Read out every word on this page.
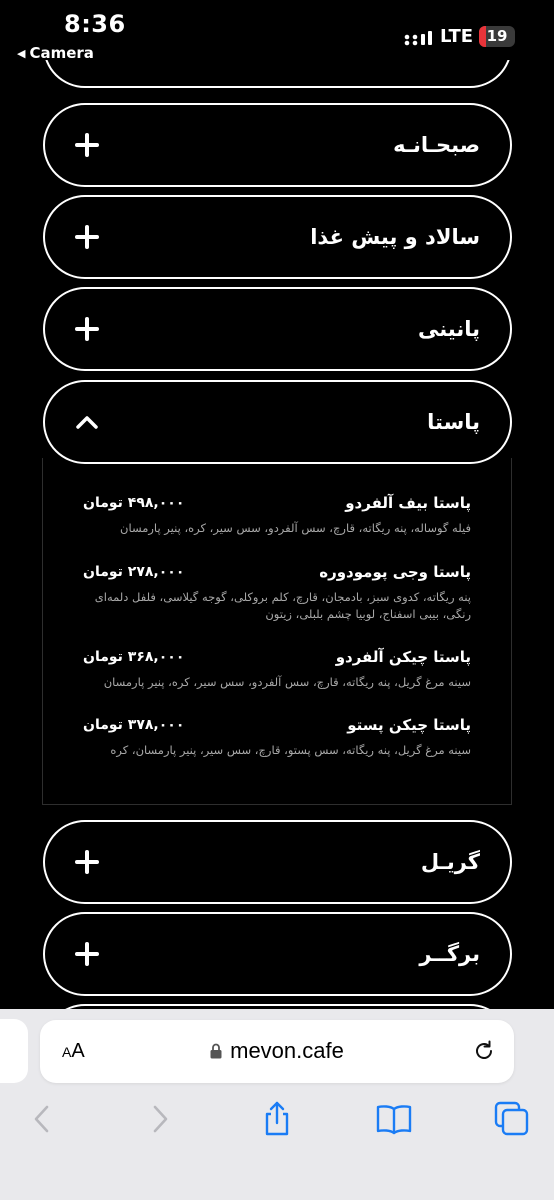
8:36
◀ Camera
LTE 19
صبحـانـه
سالاد و پیش غذا
پانینی
پاستا
پاستا بیف آلفردو
۴۹۸,۰۰۰ تومان
فیله گوساله، پنه ریگاته، قارچ، سس آلفردو، سس سیر، کره، پنیر پارمسان
پاستا وجی پومودوره
۲۷۸,۰۰۰ تومان
پنه ریگاته، کدوی سبز، بادمجان، قارچ، کلم بروکلی، گوجه گیلاسی، فلفل دلمه‌ای رنگی، بیبی اسفناج، لوبیا چشم بلبلی، زیتون
پاستا چیکن آلفردو
۳۶۸,۰۰۰ تومان
سینه مرغ گریل، پنه ریگاته، قارچ، سس آلفردو، سس سیر، کره، پنیر پارمسان
پاستا چیکن پستو
۳۷۸,۰۰۰ تومان
سینه مرغ گریل، پنه ریگاته، سس پستو، قارچ، سس سیر، پنیر پارمسان، کره
گریـل
برگــر
AA	mevon.cafe
